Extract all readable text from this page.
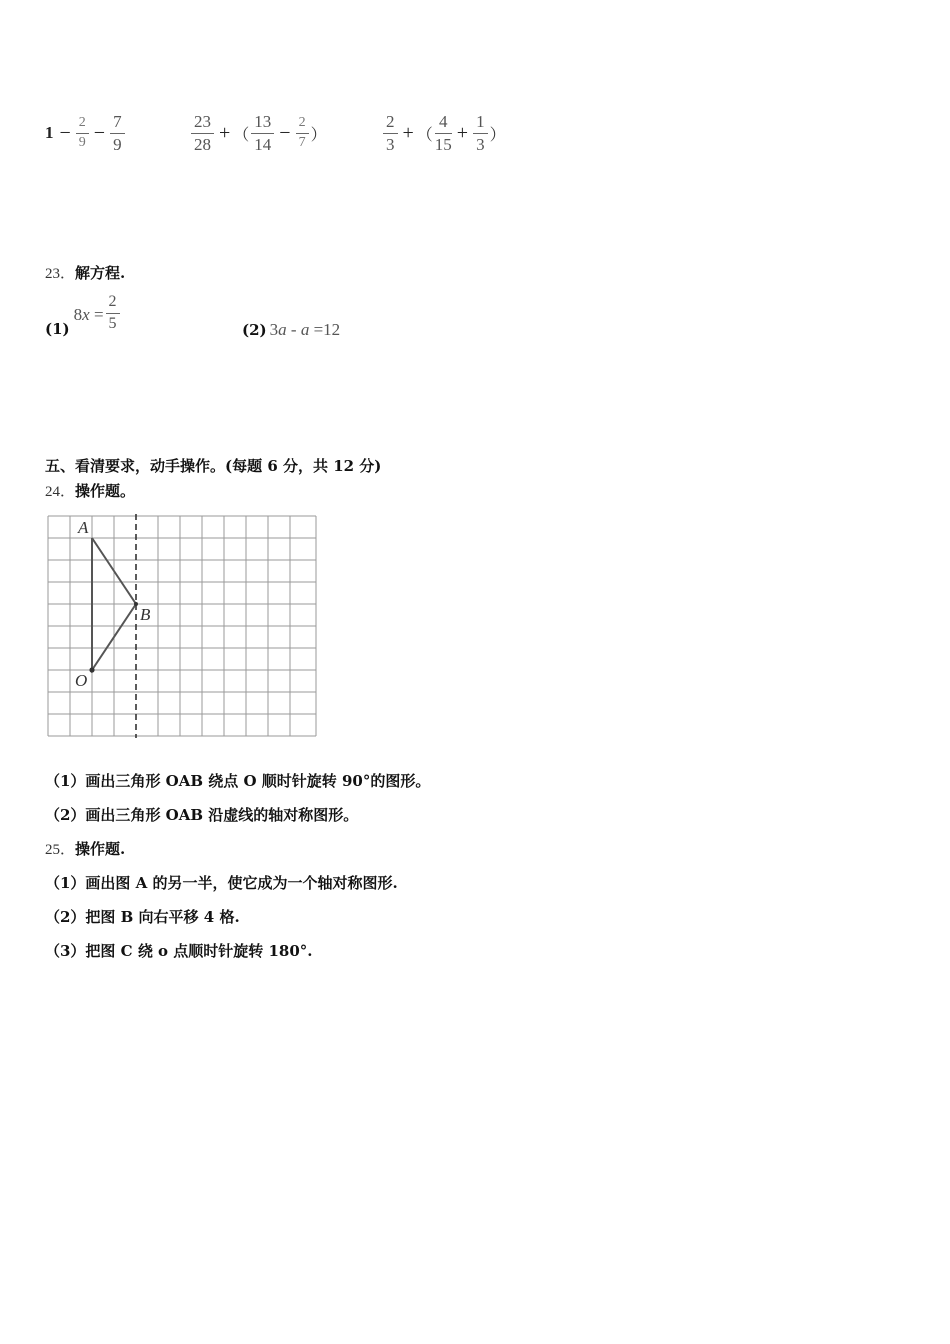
$1 - \frac{2}{9} - \frac{7}{9}$	$\frac{23}{28}$ + （ $\frac{13}{14} - \frac{2}{7}$ ）	$\frac{2}{3}$ + （ $\frac{4}{15} + \frac{1}{3}$ ）
23．解方程.
(1)
$8x = \frac{2}{5}$	(2) 3a - a =12
五、看清要求，动手操作。(每题 6 分，共 12 分)
24．操作题。
A
B
O
（1）画出三角形 OAB 绕点 O 顺时针旋转 90°的图形。
（2）画出三角形 OAB 沿虚线的轴对称图形。
25．操作题.
（1）画出图 A 的另一半，使它成为一个轴对称图形.
（2）把图 B 向右平移 4 格.
（3）把图 C 绕 o 点顺时针旋转 180°.
